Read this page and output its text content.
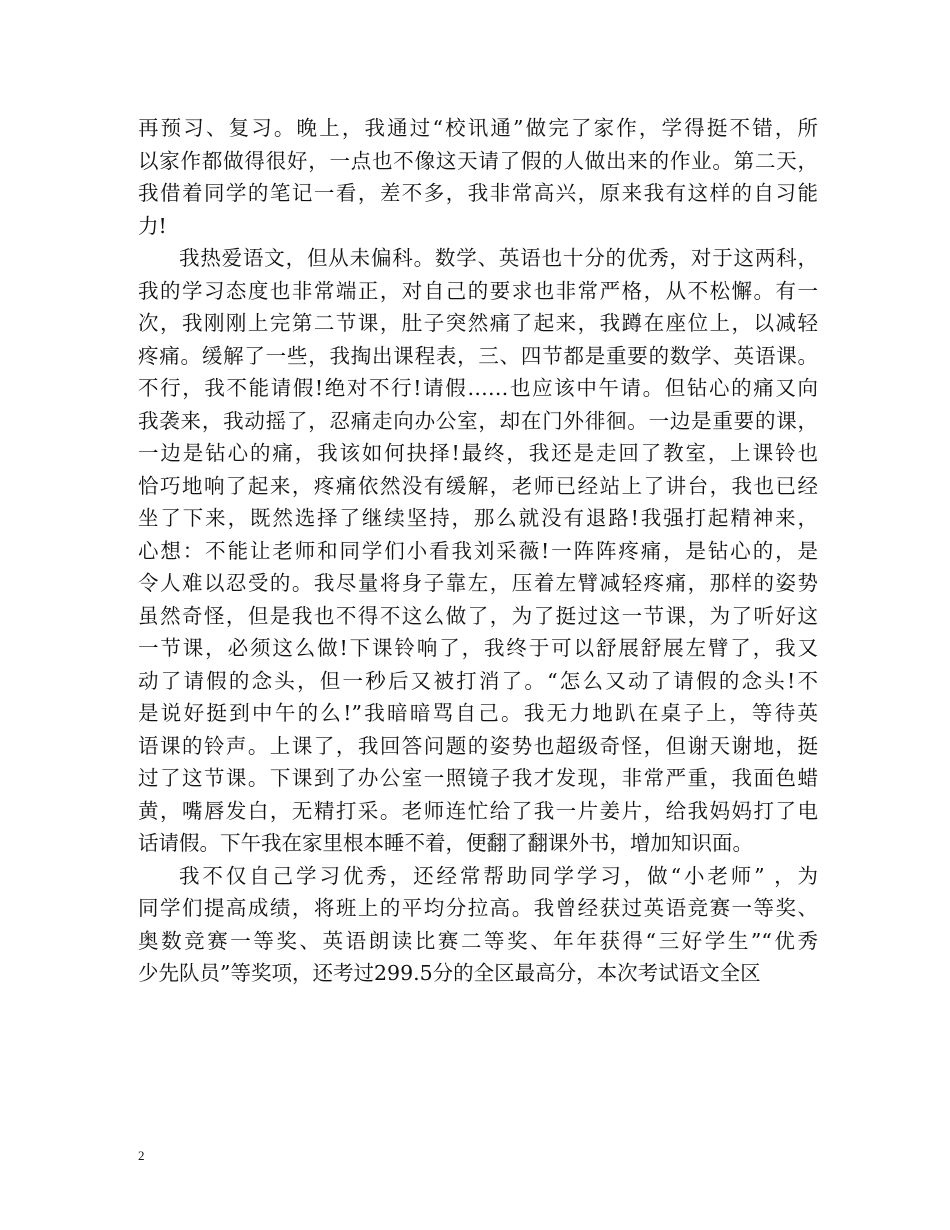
再预习、复习。晚上，我通过“校讯通”做完了家作，学得挺不错，所
以家作都做得很好，一点也不像这天请了假的人做出来的作业。第二天，
我借着同学的笔记一看，差不多，我非常高兴，原来我有这样的自习能
力!
我热爱语文，但从未偏科。数学、英语也十分的优秀，对于这两科，
我的学习态度也非常端正，对自己的要求也非常严格，从不松懈。有一
次，我刚刚上完第二节课，肚子突然痛了起来，我蹲在座位上，以减轻
疼痛。缓解了一些，我掏出课程表，三、四节都是重要的数学、英语课。
不行，我不能请假!绝对不行!请假……也应该中午请。但钻心的痛又向
我袭来，我动摇了，忍痛走向办公室，却在门外徘徊。一边是重要的课，
一边是钻心的痛，我该如何抉择!最终，我还是走回了教室，上课铃也
恰巧地响了起来，疼痛依然没有缓解，老师已经站上了讲台，我也已经
坐了下来，既然选择了继续坚持，那么就没有退路!我强打起精神来，
心想：不能让老师和同学们小看我刘采薇!一阵阵疼痛，是钻心的，是
令人难以忍受的。我尽量将身子靠左，压着左臂减轻疼痛，那样的姿势
虽然奇怪，但是我也不得不这么做了，为了挺过这一节课，为了听好这
一节课，必须这么做!下课铃响了，我终于可以舒展舒展左臂了，我又
动了请假的念头，但一秒后又被打消了。“怎么又动了请假的念头!不
是说好挺到中午的么!”我暗暗骂自己。我无力地趴在桌子上，等待英
语课的铃声。上课了，我回答问题的姿势也超级奇怪，但谢天谢地，挺
过了这节课。下课到了办公室一照镜子我才发现，非常严重，我面色蜡
黄，嘴唇发白，无精打采。老师连忙给了我一片姜片，给我妈妈打了电
话请假。下午我在家里根本睡不着，便翻了翻课外书，增加知识面。
我不仅自己学习优秀，还经常帮助同学学习，做“小老师” ，为
同学们提高成绩，将班上的平均分拉高。我曾经获过英语竞赛一等奖、
奥数竞赛一等奖、英语朗读比赛二等奖、年年获得“三好学生”“优秀
少先队员”等奖项，还考过299.5分的全区最高分，本次考试语文全区
2
